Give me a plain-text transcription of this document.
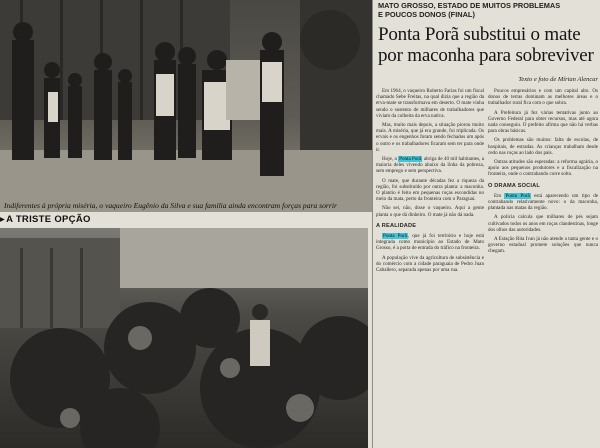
Indiferentes à própria miséria, o vaqueiro Eugênio da Silva e sua família ainda encontram forças para sorrir
▸A TRISTE OPÇÃO
MATO GROSSO, ESTADO DE MUITOS PROBLEMAS
E POUCOS DONOS (FINAL)
Ponta Porã substitui o mate por maconha para sobreviver
Texto e foto de Mírian Alencar
Em 1964, o vaqueiro Roberto Farias foi um fiscal chamado Sebe Freitas, na qual dizia que a região da erva-mate se transformava em deserto. O mate vinha sendo o sustento de milhares de trabalhadores que viviam da colheita da erva nativa.
Mas, muito mais depois, a situação piorou muito mais. A miséria, que já era grande, foi triplicada. Os ervais e os engenhos foram sendo fechados um após o outro e os trabalhadores ficaram sem ter para onde ir.
Hoje, a Ponta Porã abriga de 40 mil habitantes, a maioria deles vivendo abaixo da linha da pobreza, sem emprego e sem perspectiva.
O mate, que durante décadas fez a riqueza da região, foi substituído por outra planta: a maconha. O plantio é feito em pequenas roças escondidas no meio da mata, perto da fronteira com o Paraguai.
Não sei, não, disse o vaqueiro. Aqui a gente planta o que dá dinheiro. O mate já não dá nada.
A REALIDADE
Ponta Porã, que já foi território e hoje está integrada como município ao Estado de Mato Grosso, é a porta de entrada do tráfico na fronteira.
A população vive da agricultura de subsistência e do comércio com a cidade paraguaia de Pedro Juan Caballero, separada apenas por uma rua.
Poucos empresários e com um capital alto. Os donos de terras dominam as melhores áreas e o trabalhador rural fica com o que sobra.
A Prefeitura já fez várias tentativas junto ao Governo Federal para obter recursos, mas até agora nada conseguiu. O prefeito afirma que não há verbas para obras básicas.
Os problemas são muitos: falta de escolas, de hospitais, de estradas. As crianças trabalham desde cedo nas roças ao lado dos pais.
Outras atitudes são esperadas: a reforma agrária, o apoio aos pequenos produtores e a fiscalização na fronteira, onde o contrabando corre solto.
O DRAMA SOCIAL
Em Ponta Porã está aparecendo um tipo de contrabando relativamente novo: o da maconha, plantada nas matas da região.
A polícia calcula que milhares de pés sejam cultivados todos os anos em roças clandestinas, longe dos olhos das autoridades.
A Estação Rita Ivan já não atende a tanta gente e o governo estadual promete soluções que nunca chegam.
